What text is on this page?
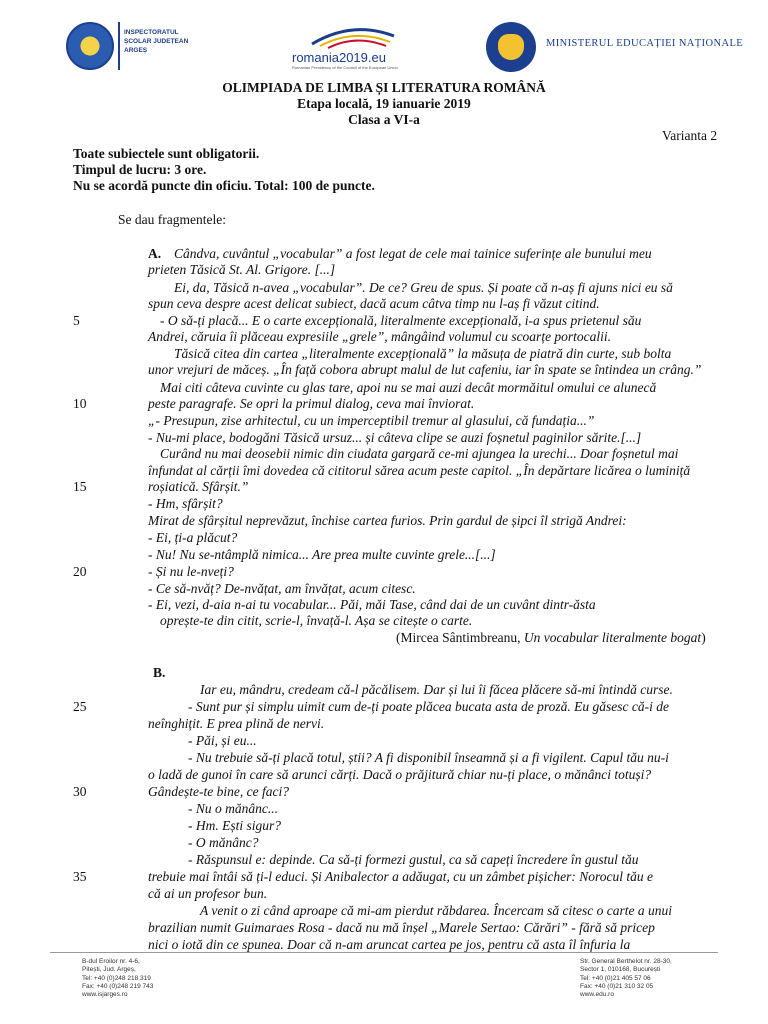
INSPECTORATUL ȘCOLAR JUDEȚEAN ARGEȘ	romania2019.eu
Romanian Presidency of the Council of the European Union
MINISTERUL EDUCAȚIEI NAȚIONALE
OLIMPIADA DE LIMBA ȘI LITERATURA ROMÂNĂ
Etapa locală, 19 ianuarie 2019
Clasa a VI-a
Varianta 2
Toate subiectele sunt obligatorii.
Timpul de lucru: 3 ore.
Nu se acordă puncte din oficiu. Total: 100 de puncte.
Se dau fragmentele:
A. Cândva, cuvântul „vocabular” a fost legat de cele mai tainice suferințe ale bunului meu
prieten Tăsică St. Al. Grigore. [...]
Ei, da, Tăsică n-avea „vocabular”. De ce? Greu de spus. Și poate că n-aș fi ajuns nici eu să
spun ceva despre acest delicat subiect, dacă acum câtva timp nu l-aș fi văzut citind.
- O să-ți placă... E o carte excepțională, literalmente excepțională, i-a spus prietenul său
Andrei, căruia îi plăceau expresiile „grele”, mângâind volumul cu scoarțe portocalii.
Tăsică citea din cartea „literalmente excepțională” la măsuța de piatră din curte, sub bolta
unor vrejuri de măceș. „În față cobora abrupt malul de lut cafeniu, iar în spate se întindea un crâng.”
Mai citi câteva cuvinte cu glas tare, apoi nu se mai auzi decât mormăitul omului ce alunecă
peste paragrafe. Se opri la primul dialog, ceva mai înviorat.
„- Presupun, zise arhitectul, cu un imperceptibil tremur al glasului, că fundația...”
- Nu-mi place, bodogăni Tăsică ursuz... și câteva clipe se auzi foșnetul paginilor sărite.[...]
Curând nu mai deosebii nimic din ciudata gargară ce-mi ajungea la urechi... Doar foșnetul mai
înfundat al cărții îmi dovedea că cititorul sărea acum peste capitol. „În depărtare licărea o luminiță
roșiatică. Sfârșit.”
- Hm, sfârșit?
Mirat de sfârșitul neprevăzut, închise cartea furios. Prin gardul de șipci îl strigă Andrei:
- Ei, ți-a plăcut?
- Nu! Nu se-ntâmplă nimica... Are prea multe cuvinte grele...[...]
- Și nu le-nveți?
- Ce să-nvăț? De-nvățat, am învățat, acum citesc.
- Ei, vezi, d-aia n-ai tu vocabular... Păi, măi Tase, când dai de un cuvânt dintr-ăsta
oprește-te din citit, scrie-l, învață-l. Așa se citește o carte.
(Mircea Sântimbreanu, Un vocabular literalmente bogat)
B.
Iar eu, mândru, credeam că-l păcălisem. Dar și lui îi făcea plăcere să-mi întindă curse.
- Sunt pur și simplu uimit cum de-ți poate plăcea bucata asta de proză. Eu găsesc că-i de
neînghițit. E prea plină de nervi.
- Păi, și eu...
- Nu trebuie să-ți placă totul, știi? A fi disponibil înseamnă și a fi vigilent. Capul tău nu-i
o ladă de gunoi în care să arunci cărți. Dacă o prăjitură chiar nu-ți place, o mănânci totuși?
Gândește-te bine, ce faci?
- Nu o mănânc...
- Hm. Ești sigur?
- O mănânc?
- Răspunsul e: depinde. Ca să-ți formezi gustul, ca să capeți încredere în gustul tău
trebuie mai întâi să ți-l educi. Și Anibalector a adăugat, cu un zâmbet pișicher: Norocul tău e
că ai un profesor bun.
A venit o zi când aproape că mi-am pierdut răbdarea. Încercam să citesc o carte a unui
brazilian numit Guimaraes Rosa - dacă nu mă înșel „Marele Sertao: Cărări” - fără să pricep
nici o iotă din ce spunea. Doar că n-am aruncat cartea pe jos, pentru că asta îl înfuria la
5
10
15
20
25
30
35
B-dul Eroilor nr. 4-6,
Pitești, Jud. Argeș,
Tel: +40 (0)248 218 319
Fax: +40 (0)248 219 743
www.isjarges.ro
Str. General Berthelot nr. 28-30,
Sector 1, 010168, București
Tel: +40 (0)21 405 57 06
Fax: +40 (0)21 310 32 05
www.edu.ro
